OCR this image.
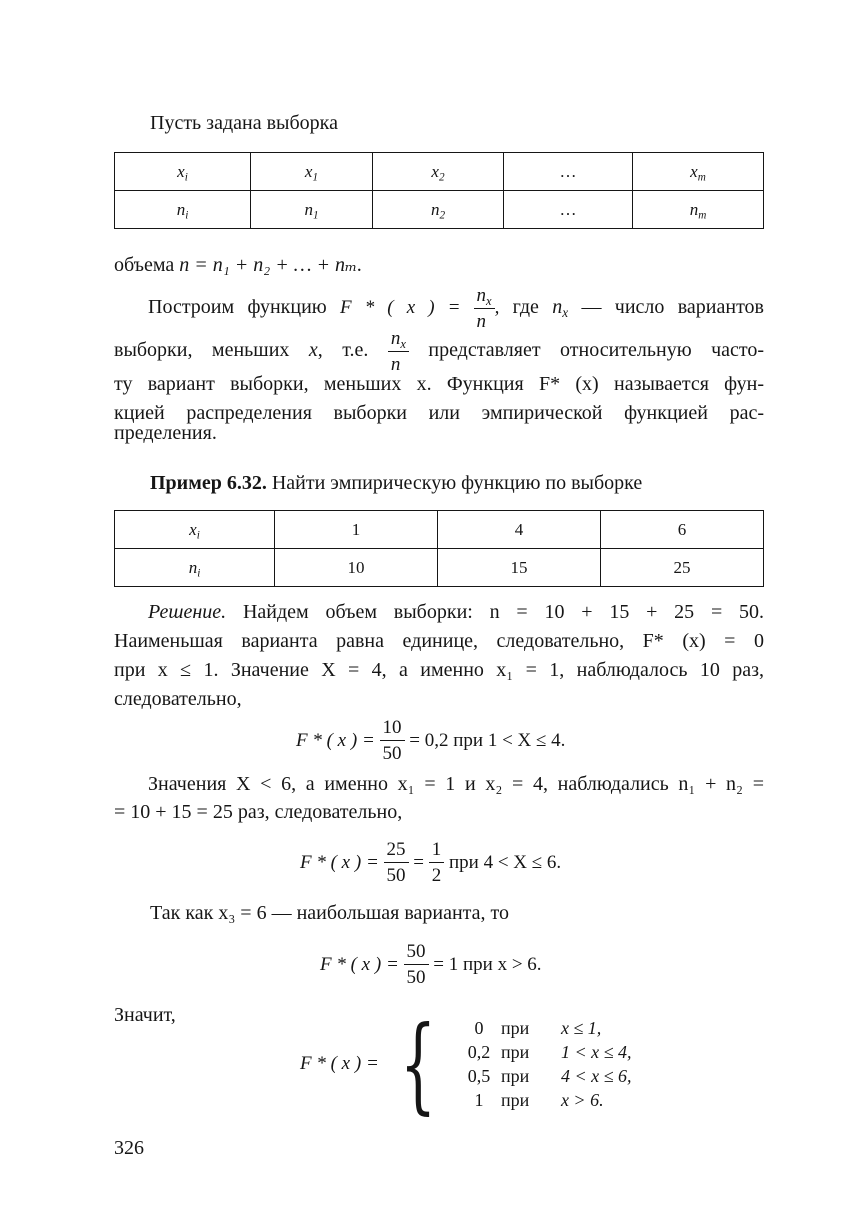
Пусть задана выборка
$x_i$	$x_1$	$x_2$	…	$x_m$
$n_i$	$n_1$	$n_2$	…	$n_m$
объема n = n₁ + n₂ + … + nₘ.
Построим функцию F * ( x ) = $\frac{n_x}{n}$ , где $n_x$ — число вариантов
выборки, меньших x, т.е. $\frac{n_x}{n}$ представляет относительную часто-
ту вариант выборки, меньших x. Функция F* (x) называется фун-
кцией распределения выборки или эмпирической функцией рас-
пределения.
Пример 6.32. Найти эмпирическую функцию по выборке
$x_i$	1	4	6
$n_i$	10	15	25
Решение. Найдем объем выборки: n = 10 + 15 + 25 = 50.
Наименьшая варианта равна единице, следовательно, F* (x) = 0
при x ≤ 1. Значение X = 4, а именно x₁ = 1, наблюдалось 10 раз,
следовательно,
F * ( x ) =
$\frac{10}{50}$
= 0,2 при 1 < X ≤ 4.
Значения X < 6, а именно x₁ = 1 и x₂ = 4, наблюдались n₁ + n₂ =
= 10 + 15 = 25 раз, следовательно,
F * ( x ) =
$\frac{25}{50} = \frac{1}{2}$
при 4 < X ≤ 6.
Так как x₃ = 6 — наибольшая варианта, то
F * ( x ) =
$\frac{50}{50}$
= 1 при x > 6.
Значит,
F * ( x ) = {	0 при	x ≤ 1,
0,2 при	1 < x ≤ 4,
0,5 при	4 < x ≤ 6,
1 при	x > 6.
326
